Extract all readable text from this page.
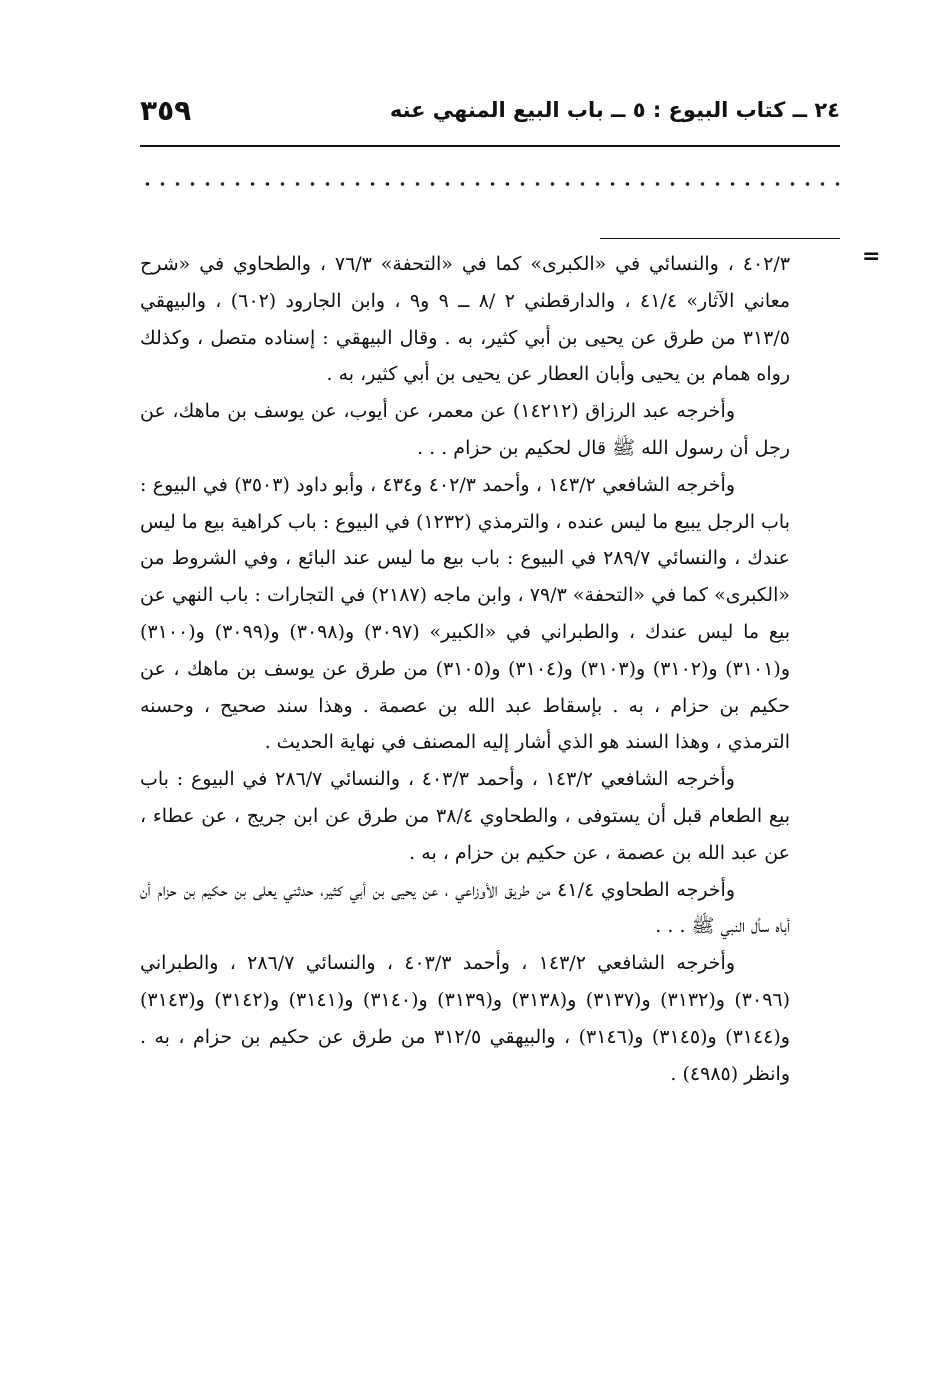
٢٤ ــ كتاب البيوع : ٥ ــ باب البيع المنهي عنه
٣٥٩
=

٤٠٢/٣ ، والنسائي في «الكبرى» كما في «التحفة» ٧٦/٣ ، والطحاوي في «شرح معاني الآثار» ٤١/٤ ، والدارقطني ٢ /٨ ــ ٩ و٩ ، وابن الجارود (٦٠٢) ، والبيهقي ٣١٣/٥ من طرق عن يحيى بن أبي كثير، به . وقال البيهقي : إسناده متصل ، وكذلك رواه همام بن يحيى وأبان العطار عن يحيى بن أبي كثير، به .

وأخرجه عبد الرزاق (١٤٢١٢) عن معمر، عن أيوب، عن يوسف بن ماهك، عن رجل أن رسول الله ﷺ قال لحكيم بن حزام . . .

وأخرجه الشافعي ١٤٣/٢ ، وأحمد ٤٠٢/٣ و٤٣٤ ، وأبو داود (٣٥٠٣) في البيوع : باب الرجل يبيع ما ليس عنده ، والترمذي (١٢٣٢) في البيوع : باب كراهية بيع ما ليس عندك ، والنسائي ٢٨٩/٧ في البيوع : باب بيع ما ليس عند البائع ، وفي الشروط من «الكبرى» كما في «التحفة» ٧٩/٣ ، وابن ماجه (٢١٨٧) في التجارات : باب النهي عن بيع ما ليس عندك ، والطبراني في «الكبير» (٣٠٩٧) و(٣٠٩٨) و(٣٠٩٩) و(٣١٠٠) و(٣١٠١) و(٣١٠٢) و(٣١٠٣) و(٣١٠٤) و(٣١٠٥) من طرق عن يوسف بن ماهك ، عن حكيم بن حزام ، به . بإسقاط عبد الله بن عصمة . وهذا سند صحيح ، وحسنه الترمذي ، وهذا السند هو الذي أشار إليه المصنف في نهاية الحديث .

وأخرجه الشافعي ١٤٣/٢ ، وأحمد ٤٠٣/٣ ، والنسائي ٢٨٦/٧ في البيوع : باب بيع الطعام قبل أن يستوفى ، والطحاوي ٣٨/٤ من طرق عن ابن جريج ، عن عطاء ، عن عبد الله بن عصمة ، عن حكيم بن حزام ، به .

وأخرجه الطحاوي ٤١/٤ من طريق الأوزاعي ، عن يحيى بن أبي كثير، حدثني يعلى بن حكيم بن حزام أن أباه سأل النبي ﷺ . . .

وأخرجه الشافعي ١٤٣/٢ ، وأحمد ٤٠٣/٣ ، والنسائي ٢٨٦/٧ ، والطبراني (٣٠٩٦) و(٣١٣٢) و(٣١٣٧) و(٣١٣٨) و(٣١٣٩) و(٣١٤٠) و(٣١٤١) و(٣١٤٢) و(٣١٤٣) و(٣١٤٤) و(٣١٤٥) و(٣١٤٦) ، والبيهقي ٣١٢/٥ من طرق عن حكيم بن حزام ، به . وانظر (٤٩٨٥) .
